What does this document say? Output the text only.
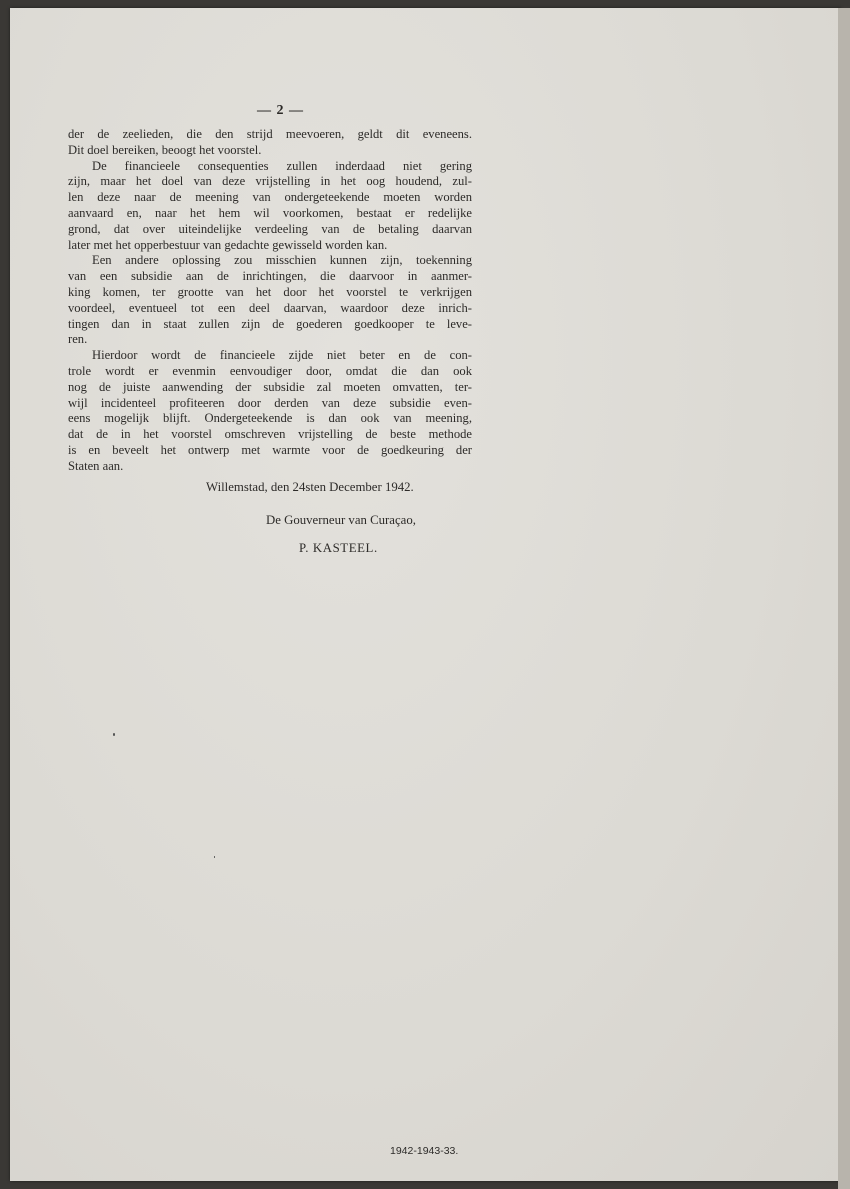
— 2 —

der de zeelieden, die den strijd meevoeren, geldt dit eveneens.

Dit doel bereiken, beoogt het voorstel.

De financieele consequenties zullen inderdaad niet gering

zijn, maar het doel van deze vrijstelling in het oog houdend, zul-

len deze naar de meening van ondergeteekende moeten worden

aanvaard en, naar het hem wil voorkomen, bestaat er redelijke

grond, dat over uiteindelijke verdeeling van de betaling daarvan

later met het opperbestuur van gedachte gewisseld worden kan.

Een andere oplossing zou misschien kunnen zijn, toekenning

van een subsidie aan de inrichtingen, die daarvoor in aanmer-

king komen, ter grootte van het door het voorstel te verkrijgen

voordeel, eventueel tot een deel daarvan, waardoor deze inrich-

tingen dan in staat zullen zijn de goederen goedkooper te leve-

ren.

Hierdoor wordt de financieele zijde niet beter en de con-

trole wordt er evenmin eenvoudiger door, omdat die dan ook

nog de juiste aanwending der subsidie zal moeten omvatten, ter-

wijl incidenteel profiteeren door derden van deze subsidie even-

eens mogelijk blijft. Ondergeteekende is dan ook van meening,

dat de in het voorstel omschreven vrijstelling de beste methode

is en beveelt het ontwerp met warmte voor de goedkeuring der

Staten aan.

Willemstad, den 24sten December 1942.
De Gouverneur van Curaçao,
P. KASTEEL.
1942-1943-33.
